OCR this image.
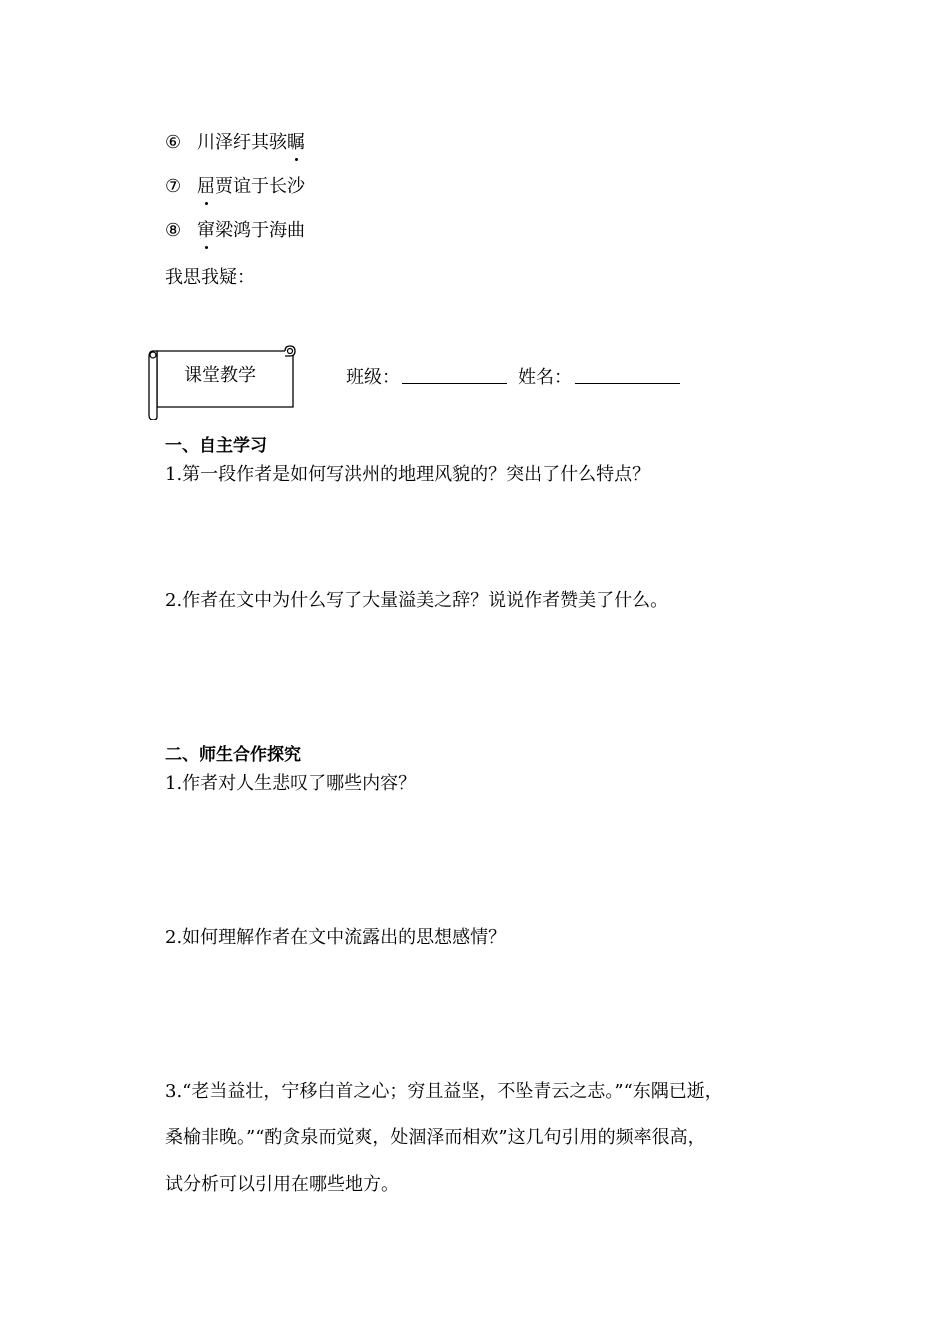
⑥ 川泽纡其骇瞩
⑦ 屈贾谊于长沙
⑧ 窜梁鸿于海曲
我思我疑：
课堂教学	班级：	姓名：
一、自主学习
1.第一段作者是如何写洪州的地理风貌的？突出了什么特点？
2.作者在文中为什么写了大量溢美之辞？说说作者赞美了什么。
二、师生合作探究
1.作者对人生悲叹了哪些内容？
2.如何理解作者在文中流露出的思想感情？
3.“老当益壮，宁移白首之心；穷且益坚，不坠青云之志。”“东隅已逝，
桑榆非晚。”“酌贪泉而觉爽，处涸泽而相欢”这几句引用的频率很高，
试分析可以引用在哪些地方。
